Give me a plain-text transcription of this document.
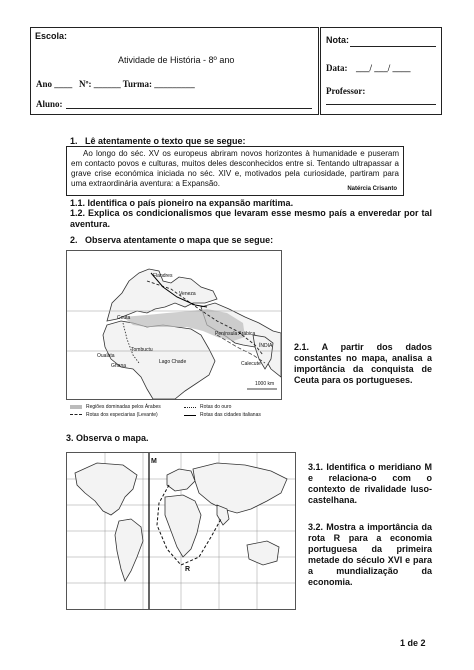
Escola:
Atividade de História - 8º ano
Ano ____   Nº: ______ Turma: _________
Aluno:
Nota:
Data: ___/ ___/ ____
Professor:
1.   Lê atentamente o texto que se segue:
Ao longo do séc. XV os europeus abriram novos horizontes à humanidade e puseram em contacto povos e culturas, muitos deles desconhecidos entre si. Tentando ultrapassar a grave crise económica iniciada no séc. XIV e, motivados pela curiosidade, partiram para uma extraordinária aventura: a Expansão.
Natércia Crisanto
1.1. Identifica o país pioneiro na expansão marítima.
1.2. Explica os condicionalismos que levaram esse mesmo país a enveredar por tal aventura.
2.   Observa atentamente o mapa que se segue:
Flandres
Veneza
Ceuta
Península Arábica
Tombuctu
Oualata
Ghana
Lago Chade
ÍNDIA
Calecute
1000 km
Regiões dominadas pelos Árabes
Rotas dos especiarias (Levante)
Rotas do ouro
Rotas das cidades italianas
2.1. A partir dos dados constantes no mapa, analisa a importância da conquista de Ceuta para os portugueses.
3. Observa o mapa.
M
R
3.1. Identifica o meridiano M e relaciona-o com o contexto de rivalidade luso-castelhana.
3.2. Mostra a importância da rota R para a economia portuguesa da primeira metade do século XVI e para a mundialização da economia.
1 de 2
